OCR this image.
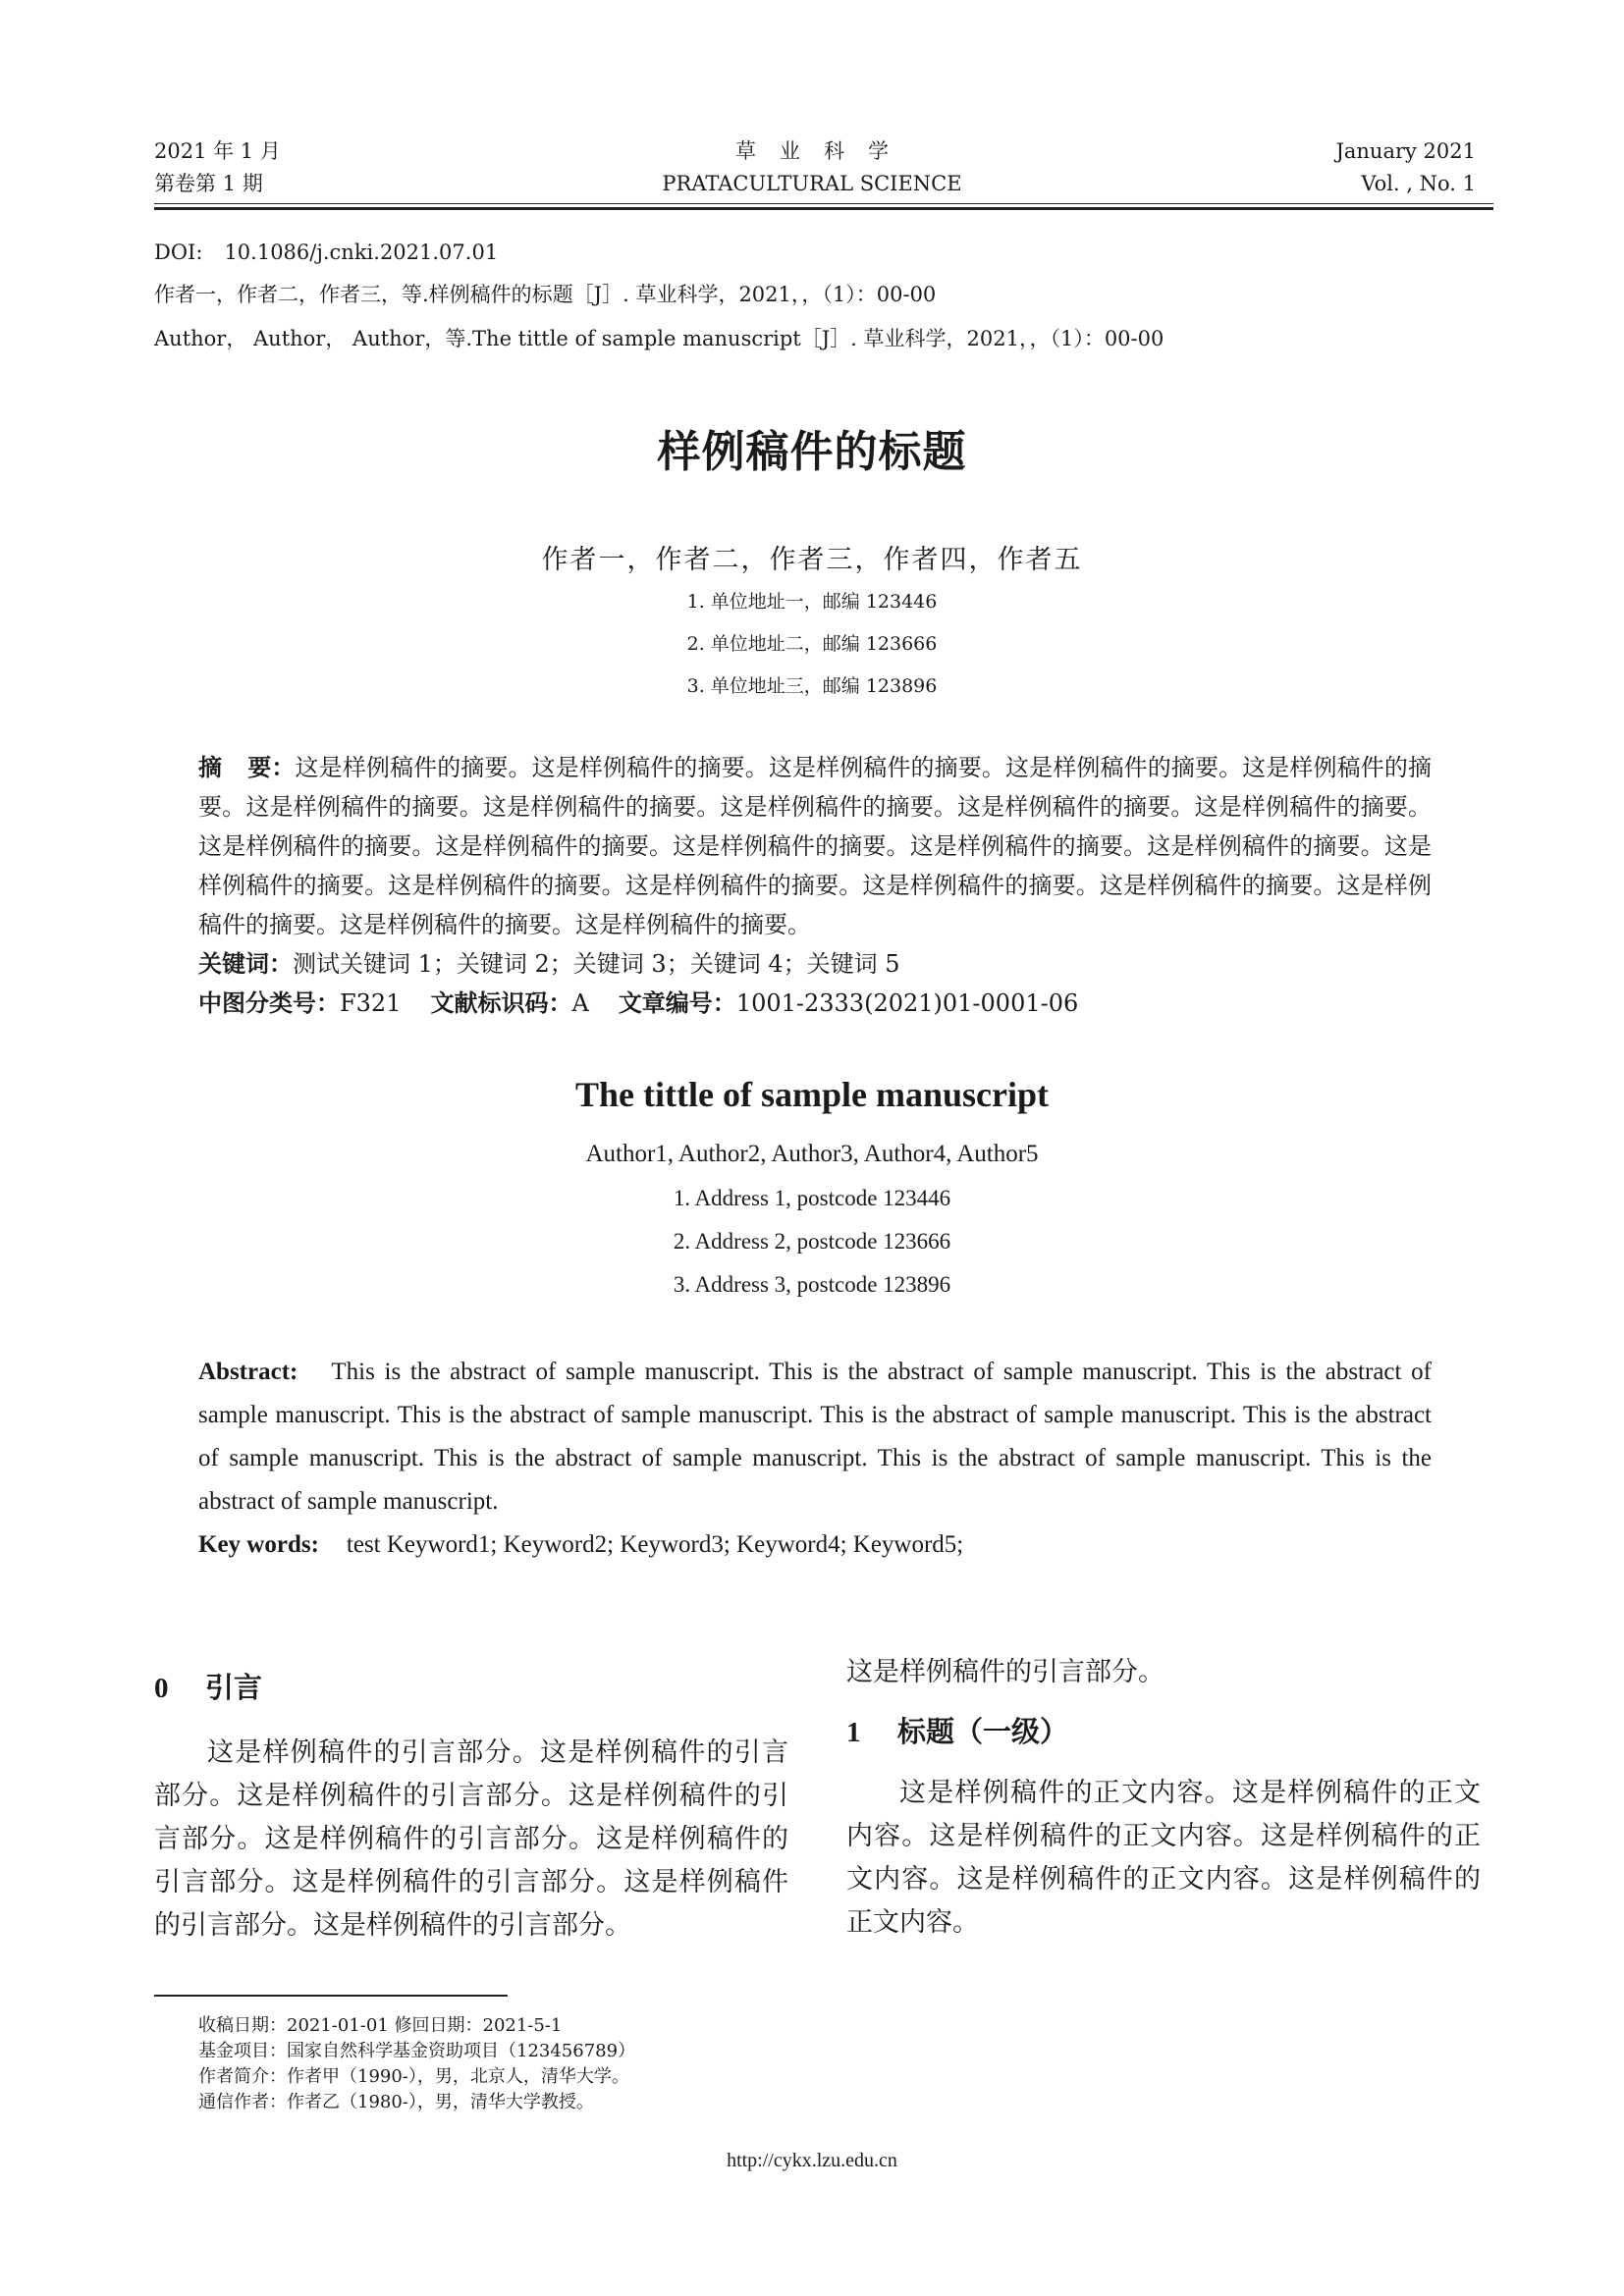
2021 年 1 月
第卷第 1 期
草业科学
PRATACULTURAL SCIENCE
January 2021
Vol. , No. 1
DOI: 10.1086/j.cnki.2021.07.01
作者一，作者二，作者三，等.样例稿件的标题［J］. 草业科学，2021，，（1）：00-00
Author， Author， Author，等.The tittle of sample manuscript［J］. 草业科学，2021，，（1）：00-00
样例稿件的标题
作者一，作者二，作者三，作者四，作者五
1. 单位地址一，邮编 123446
2. 单位地址二，邮编 123666
3. 单位地址三，邮编 123896

摘 要：这是样例稿件的摘要。这是样例稿件的摘要。这是样例稿件的摘要。这是样例稿件的摘要。这是样例稿件的摘要。这是样例稿件的摘要。这是样例稿件的摘要。这是样例稿件的摘要。这是样例稿件的摘要。这是样例稿件的摘要。这是样例稿件的摘要。这是样例稿件的摘要。这是样例稿件的摘要。这是样例稿件的摘要。这是样例稿件的摘要。这是样例稿件的摘要。这是样例稿件的摘要。这是样例稿件的摘要。这是样例稿件的摘要。这是样例稿件的摘要。这是样例稿件的摘要。这是样例稿件的摘要。这是样例稿件的摘要。

关键词：测试关键词 1；关键词 2；关键词 3；关键词 4；关键词 5

中图分类号：F321 文献标识码：A 文章编号：1001-2333(2021)01-0001-06

The tittle of sample manuscript
Author1, Author2, Author3, Author4, Author5
1. Address 1, postcode 123446
2. Address 2, postcode 123666
3. Address 3, postcode 123896

Abstract: This is the abstract of sample manuscript. This is the abstract of sample manuscript. This is the abstract of sample manuscript. This is the abstract of sample manuscript. This is the abstract of sample manuscript. This is the abstract of sample manuscript. This is the abstract of sample manuscript. This is the abstract of sample manuscript. This is the abstract of sample manuscript.

Key words: test Keyword1; Keyword2; Keyword3; Keyword4; Keyword5;

0 引言

这是样例稿件的引言部分。这是样例稿件的引言部分。这是样例稿件的引言部分。这是样例稿件的引言部分。这是样例稿件的引言部分。这是样例稿件的引言部分。这是样例稿件的引言部分。这是样例稿件的引言部分。这是样例稿件的引言部分。

这是样例稿件的引言部分。

1 标题（一级）

这是样例稿件的正文内容。这是样例稿件的正文内容。这是样例稿件的正文内容。这是样例稿件的正文内容。这是样例稿件的正文内容。这是样例稿件的正文内容。

收稿日期：2021-01-01 修回日期：2021-5-1
基金项目：国家自然科学基金资助项目（123456789）
作者简介：作者甲（1990-），男，北京人，清华大学。
通信作者：作者乙（1980-），男，清华大学教授。
http://cykx.lzu.edu.cn
